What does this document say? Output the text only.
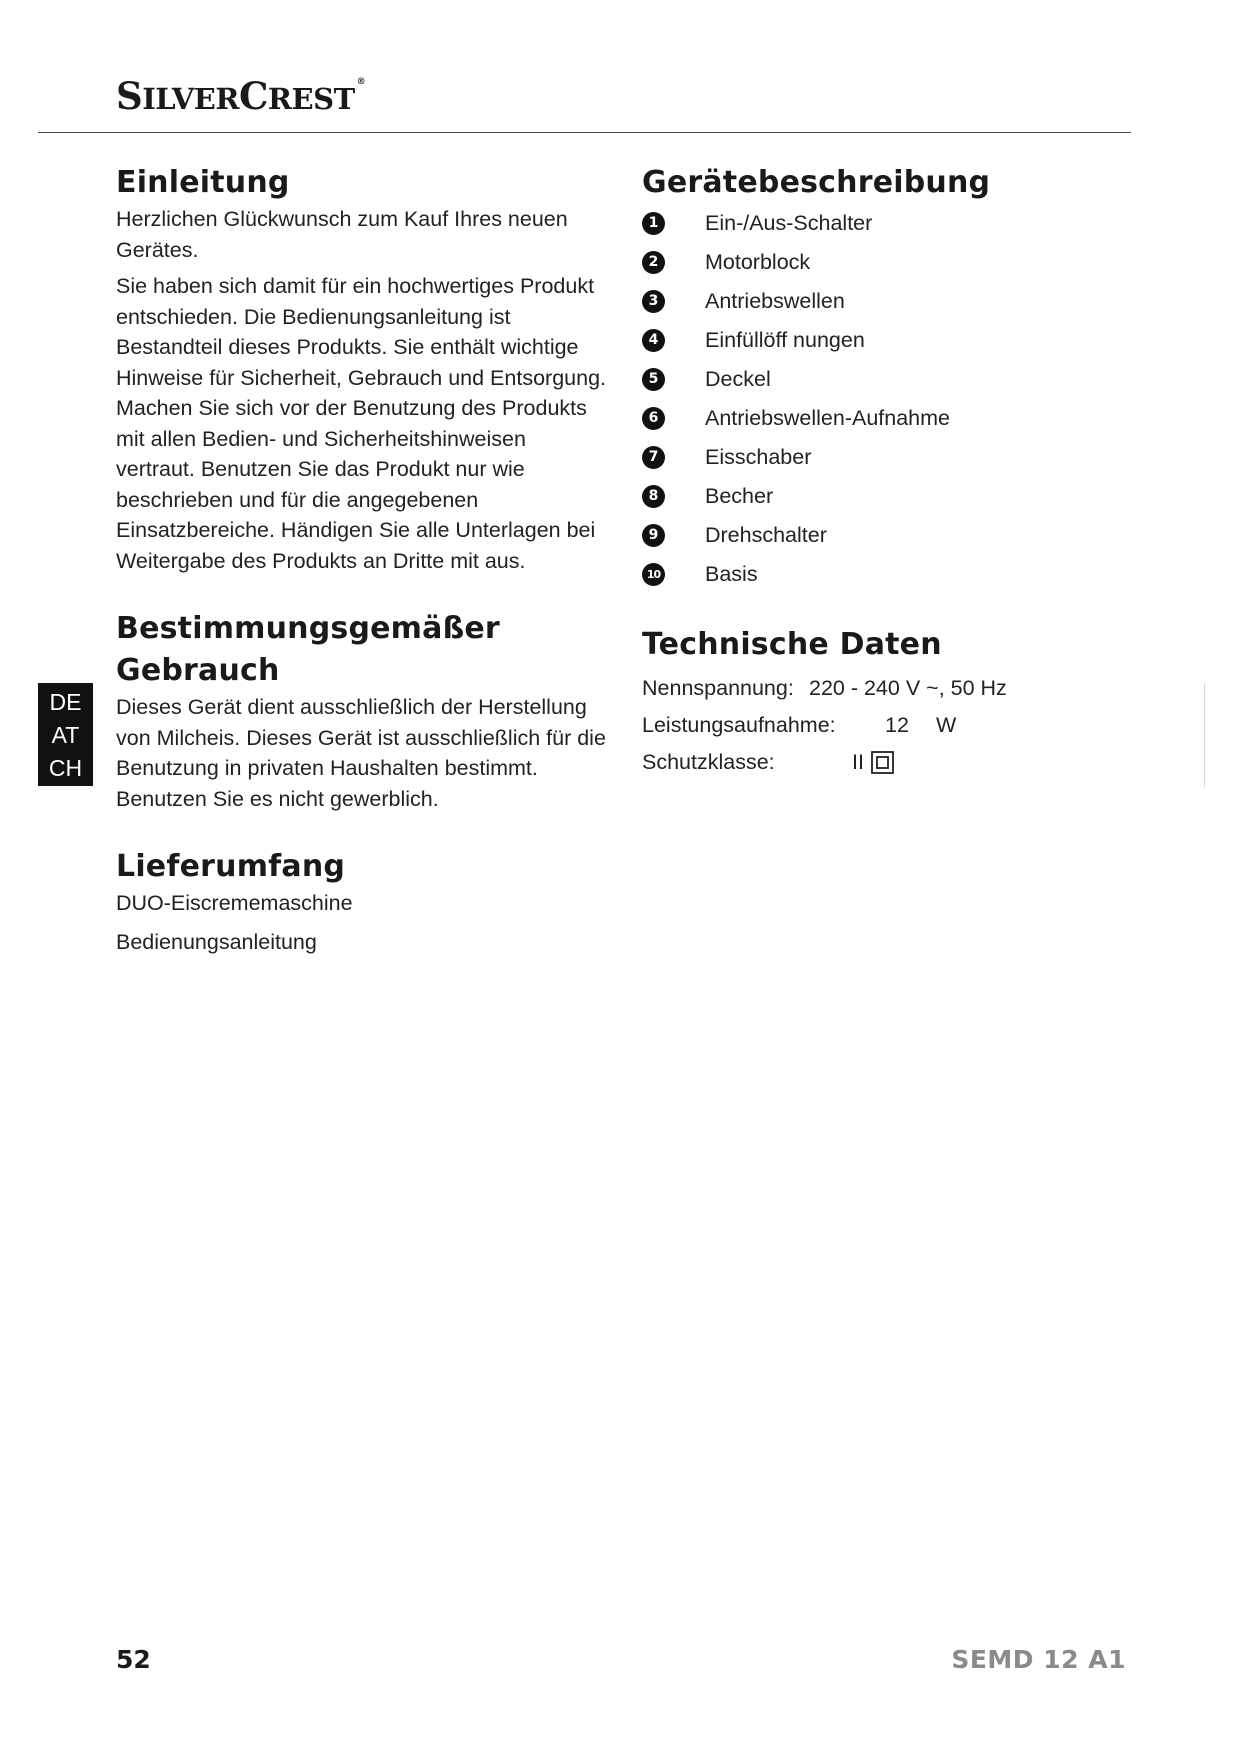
SILVERCREST ®
Einleitung

Herzlichen Glückwunsch zum Kauf Ihres neuen Gerätes.

Sie haben sich damit für ein hochwertiges Produkt entschieden. Die Bedienungsanleitung ist Bestandteil dieses Produkts. Sie enthält wichtige Hinweise für Sicherheit, Gebrauch und Entsorgung. Machen Sie sich vor der Benutzung des Produkts mit allen Bedien- und Sicherheitshinweisen vertraut. Benutzen Sie das Produkt nur wie beschrieben und für die angegebenen Einsatzbereiche. Händigen Sie alle Unterlagen bei Weitergabe des Produkts an Dritte mit aus.

Bestimmungsgemäßer
Gebrauch

Dieses Gerät dient ausschließlich der Herstellung von Milcheis. Dieses Gerät ist ausschließlich für die Benutzung in privaten Haushalten bestimmt. Benutzen Sie es nicht gewerblich.

Lieferumfang

DUO-Eiscrememaschine

Bedienungsanleitung

Gerätebeschreibung
1	Ein-/Aus-Schalter
2	Motorblock
3	Antriebswellen
4	Einfüllöff nungen
5	Deckel
6	Antriebswellen-Aufnahme
7	Eisschaber
8	Becher
9	Drehschalter
10 Basis
Technische Daten
Nennspannung: 220 - 240 V ~, 50 Hz
Leistungsaufnahme: 12 W
Schutzklasse:	II
DE
AT
CH
52	SEMD 12 A1
